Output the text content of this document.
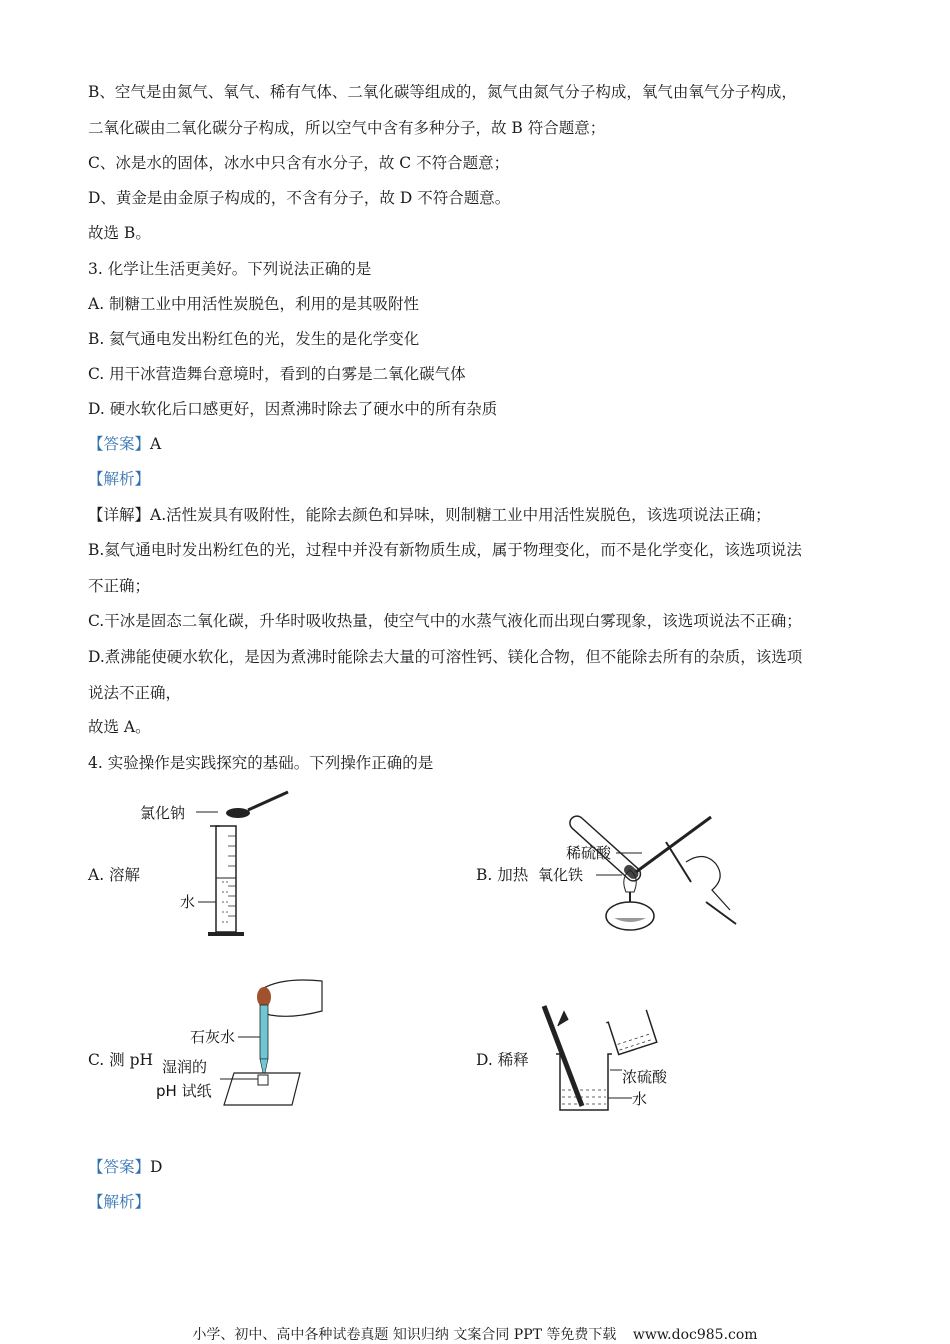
B、空气是由氮气、氧气、稀有气体、二氧化碳等组成的，氮气由氮气分子构成，氧气由氧气分子构成，
二氧化碳由二氧化碳分子构成，所以空气中含有多种分子，故 B 符合题意；
C、冰是水的固体，冰水中只含有水分子，故 C 不符合题意；
D、黄金是由金原子构成的，不含有分子，故 D 不符合题意。
故选 B。
3. 化学让生活更美好。下列说法正确的是
A. 制糖工业中用活性炭脱色，利用的是其吸附性
B. 氦气通电发出粉红色的光，发生的是化学变化
C. 用干冰营造舞台意境时，看到的白雾是二氧化碳气体
D. 硬水软化后口感更好，因煮沸时除去了硬水中的所有杂质
【答案】A
【解析】
【详解】A.活性炭具有吸附性，能除去颜色和异味，则制糖工业中用活性炭脱色，该选项说法正确；
B.氦气通电时发出粉红色的光，过程中并没有新物质生成，属于物理变化，而不是化学变化，该选项说法
不正确；
C.干冰是固态二氧化碳，升华时吸收热量，使空气中的水蒸气液化而出现白雾现象，该选项说法不正确；
D.煮沸能使硬水软化，是因为煮沸时能除去大量的可溶性钙、镁化合物，但不能除去所有的杂质，该选项
说法不正确，
故选 A。
4. 实验操作是实践探究的基础。下列操作正确的是
A. 溶解	B. 加热
C. 测 pH	D. 稀释
氯化钠
水
稀硫酸
氧化铁
石灰水
湿润的
pH 试纸
浓硫酸
水
【答案】D
【解析】
小学、初中、高中各种试卷真题 知识归纳 文案合同 PPT 等免费下载 www.doc985.com
